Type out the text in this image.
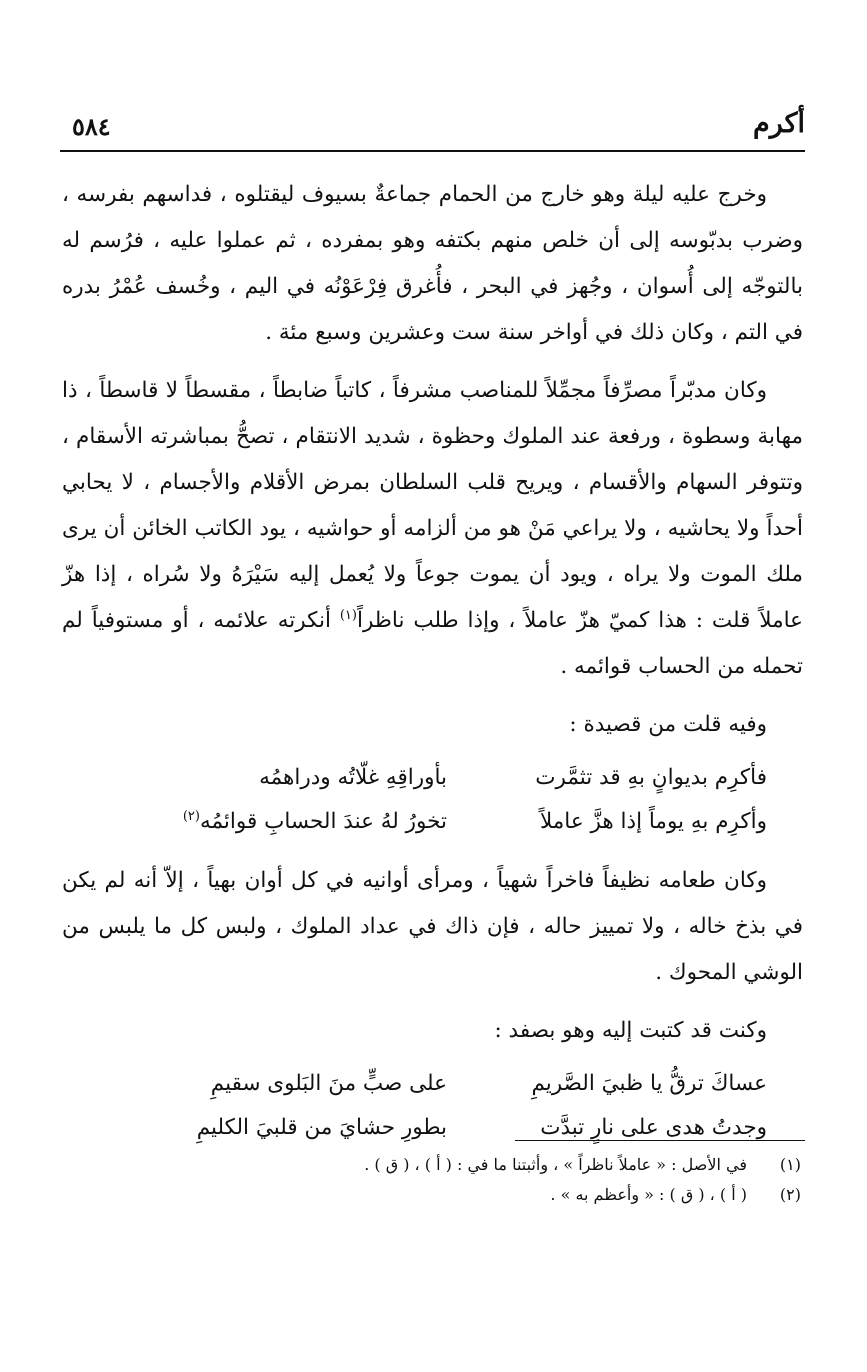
أكرم
٥٨٤

وخرج عليه ليلة وهو خارج من الحمام جماعةٌ بسيوف ليقتلوه ، فداسهم بفرسه ، وضرب بدبّوسه إلى أن خلص منهم بكتفه وهو بمفرده ، ثم عملوا عليه ، فرُسم له بالتوجّه إلى أُسوان ، وجُهز في البحر ، فأُغرق فِرْعَوْنُه في اليم ، وخُسف عُمْرُ بدره في التم ، وكان ذلك في أواخر سنة ست وعشرين وسبع مئة .

وكان مدبّراً مصرِّفاً مجمِّلاً للمناصب مشرفاً ، كاتباً ضابطاً ، مقسطاً لا قاسطاً ، ذا مهابة وسطوة ، ورفعة عند الملوك وحظوة ، شديد الانتقام ، تصحُّ بمباشرته الأسقام ، وتتوفر السهام والأقسام ، ويريح قلب السلطان بمرض الأقلام والأجسام ، لا يحابي أحداً ولا يحاشيه ، ولا يراعي مَنْ هو من ألزامه أو حواشيه ، يود الكاتب الخائن أن يرى ملك الموت ولا يراه ، ويود أن يموت جوعاً ولا يُعمل إليه سَيْرَهُ ولا سُراه ، إذا هزّ عاملاً قلت : هذا كميّ هزّ عاملاً ، وإذا طلب ناظراً$^{(١)}$ أنكرته علائمه ، أو مستوفياً لم تحمله من الحساب قوائمه .

وفيه قلت من قصيدة :

فأكرِم بديوانٍ بهِ قد تثمَّرت
بأوراقِهِ غلّاتُه ودراهمُه
وأكرِم بهِ يوماً إذا هزَّ عاملاً
تخورُ لهُ عندَ الحسابِ قوائمُه$^{(٢)}$

وكان طعامه نظيفاً فاخراً شهياً ، ومرأى أوانيه في كل أوان بهياً ، إلاّ أنه لم يكن في بذخ خاله ، ولا تمييز حاله ، فإن ذاك في عداد الملوك ، ولبس كل ما يلبس من الوشي المحوك .

وكنت قد كتبت إليه وهو بصفد :

عساكَ ترقُّ يا ظبيَ الصَّريمِ
على صبٍّ منَ البَلوى سقيمِ
وجدتُ هدى على نارٍ تبدَّت
بطورِ حشايَ من قلبيَ الكليمِ
(١)
في الأصل : « عاملاً ناظراً » ، وأثبتنا ما في : ( أ ) ، ( ق ) .
(٢)
( أ ) ، ( ق ) : « وأعظم به » .
